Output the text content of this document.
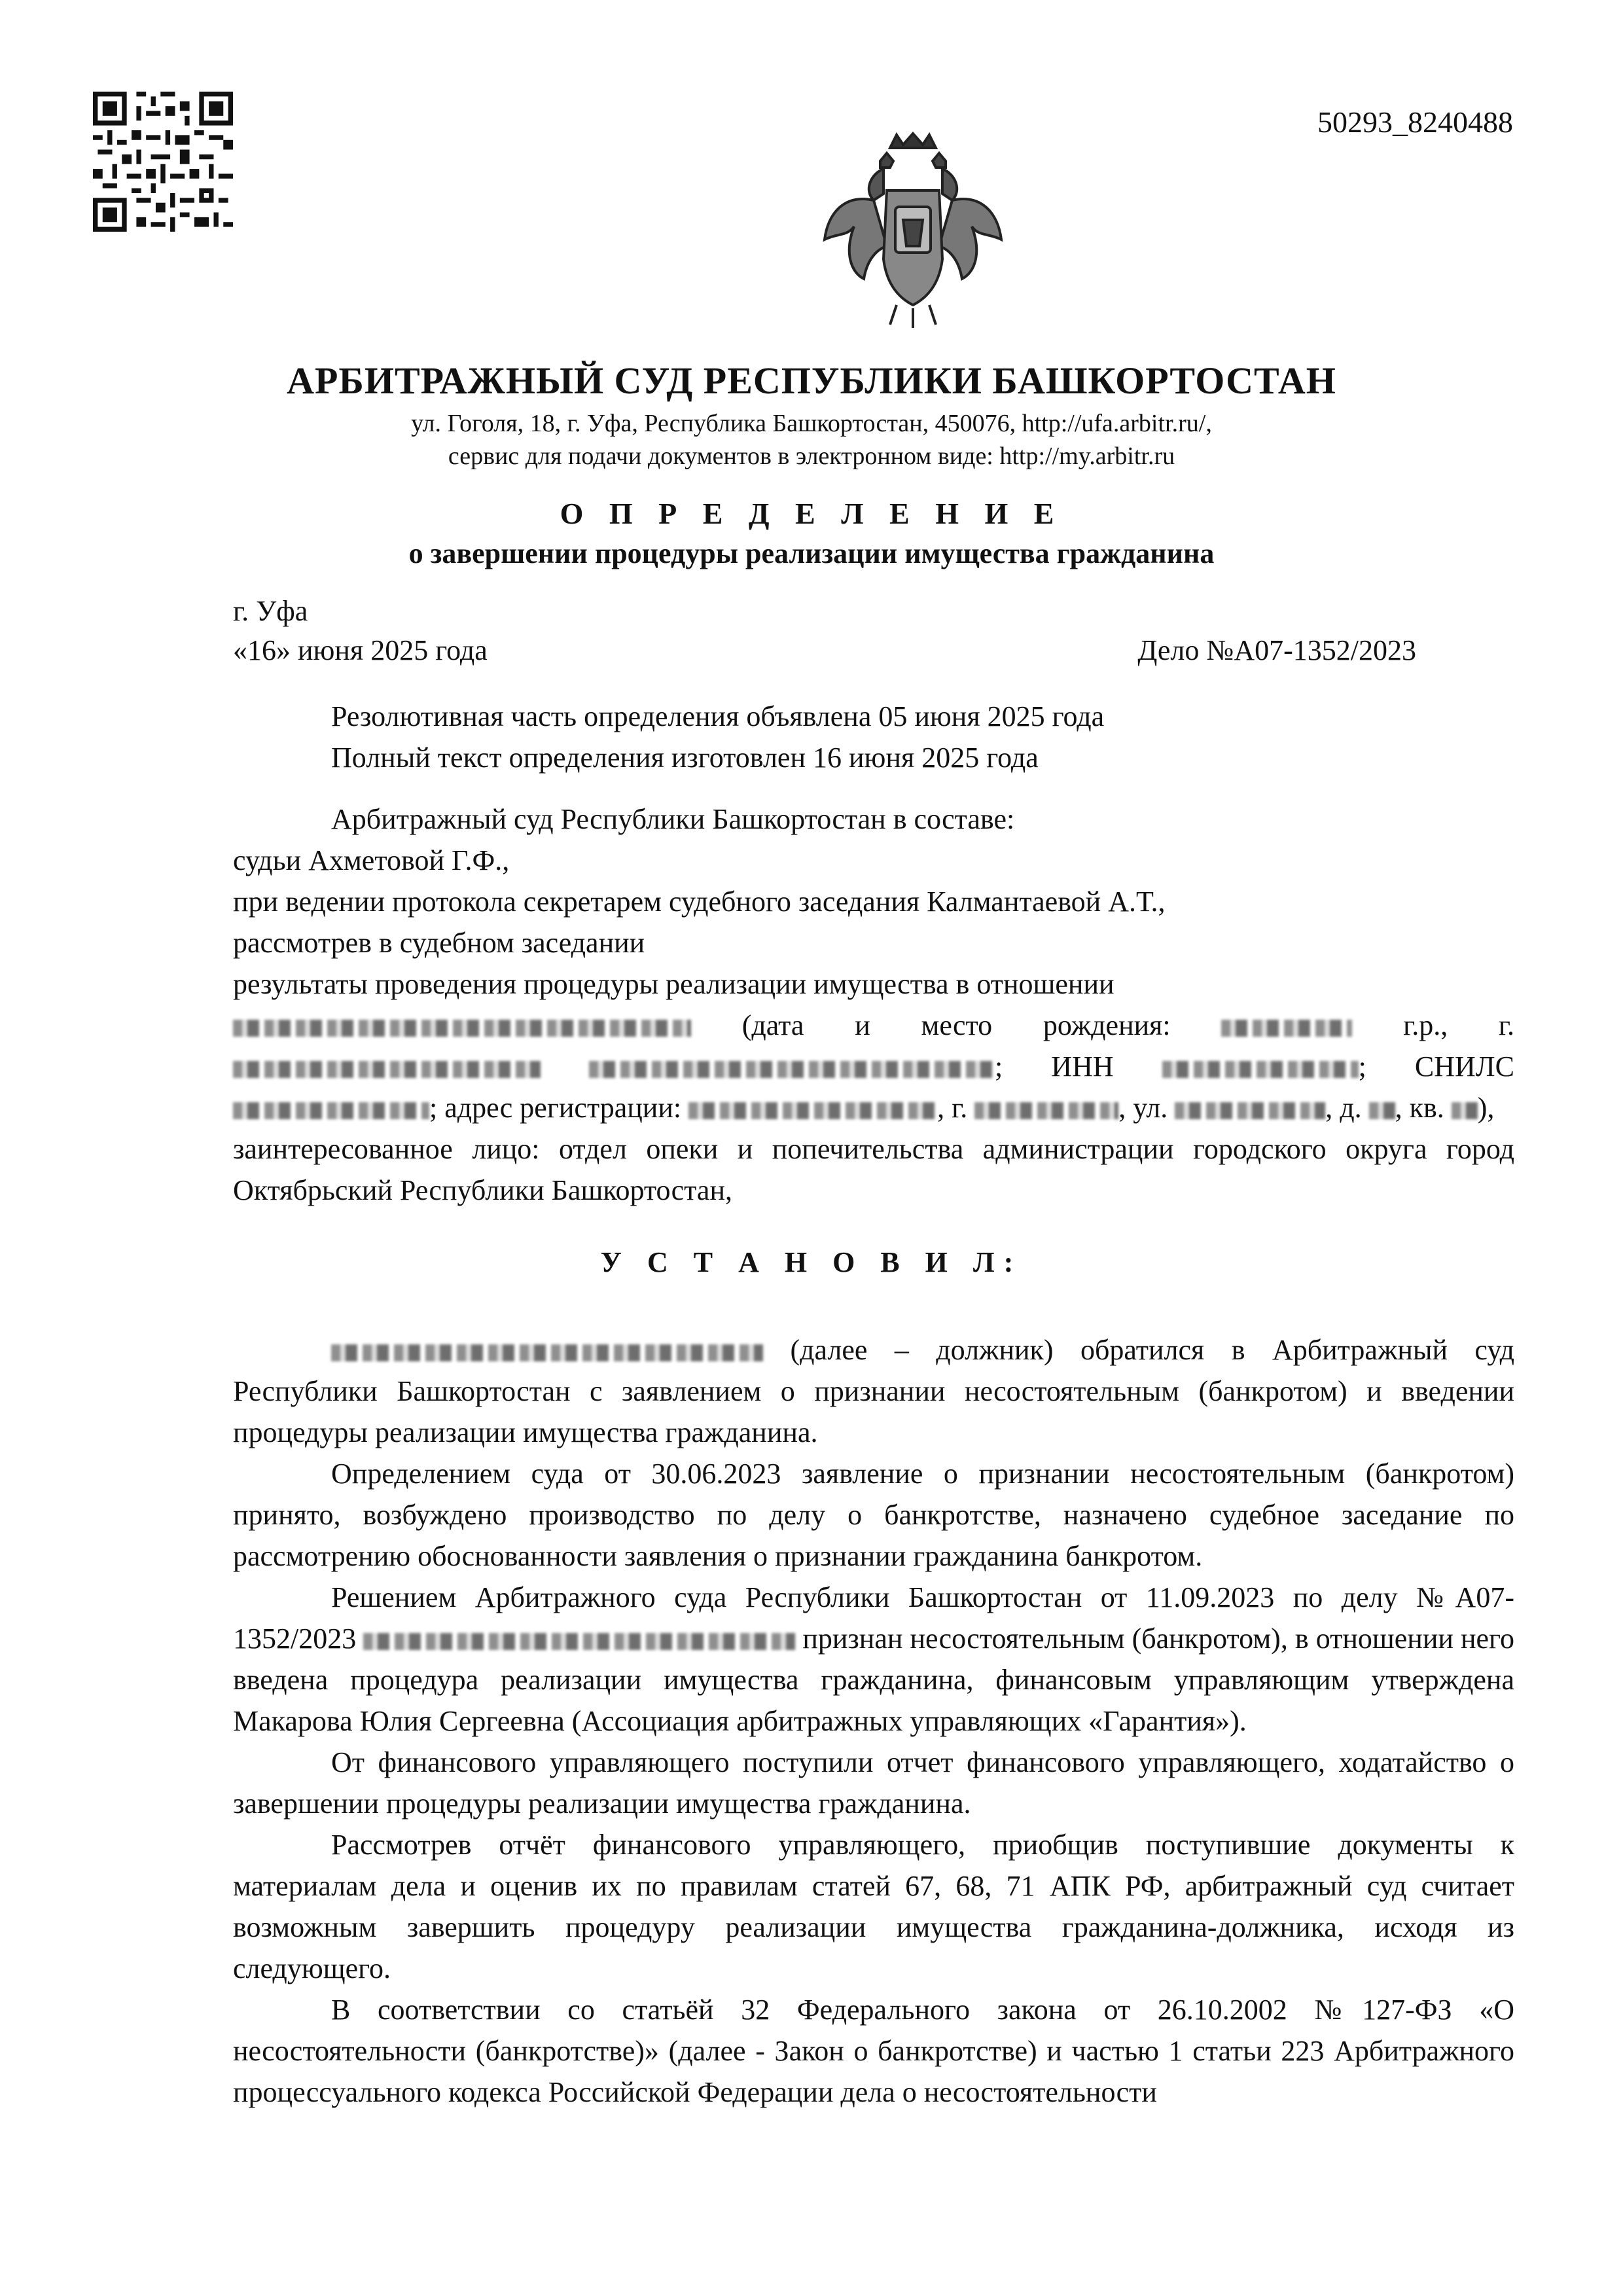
50293_8240488
АРБИТРАЖНЫЙ СУД РЕСПУБЛИКИ БАШКОРТОСТАН
ул. Гоголя, 18, г. Уфа, Республика Башкортостан, 450076, http://ufa.arbitr.ru/,
сервис для подачи документов в электронном виде: http://my.arbitr.ru
О П Р Е Д Е Л Е Н И Е
о завершении процедуры реализации имущества гражданина
г. Уфа
«16» июня 2025 года	Дело №А07-1352/2023

Резолютивная часть определения объявлена 05 июня 2025 года

Полный текст определения изготовлен 16 июня 2025 года

Арбитражный суд Республики Башкортостан в составе:

судьи Ахметовой Г.Ф.,

при ведении протокола секретарем судебного заседания Калмантаевой А.Т.,

рассмотрев в судебном заседании

результаты проведения процедуры реализации имущества в отношении

(дата и место рождения:	г.р., г.  ; ИНН	; СНИЛС ; адрес регистрации:	, г.	, ул.	, д. , кв. ),

заинтересованное лицо: отдел опеки и попечительства администрации городского округа город Октябрьский Республики Башкортостан,

У С Т А Н О В И Л:

(далее – должник) обратился в Арбитражный суд Республики Башкортостан с заявлением о признании несостоятельным (банкротом) и введении процедуры реализации имущества гражданина.

Определением суда от 30.06.2023 заявление о признании несостоятельным (банкротом) принято, возбуждено производство по делу о банкротстве, назначено судебное заседание по рассмотрению обоснованности заявления о признании гражданина банкротом.

Решением Арбитражного суда Республики Башкортостан от 11.09.2023 по делу №А07-1352/2023	признан несостоятельным (банкротом), в отношении него введена процедура реализации имущества гражданина, финансовым управляющим утверждена Макарова Юлия Сергеевна (Ассоциация арбитражных управляющих «Гарантия»).

От финансового управляющего поступили отчет финансового управляющего, ходатайство о завершении процедуры реализации имущества гражданина.

Рассмотрев отчёт финансового управляющего, приобщив поступившие документы к материалам дела и оценив их по правилам статей 67, 68, 71 АПК РФ, арбитражный суд считает возможным завершить процедуру реализации имущества гражданина-должника, исходя из следующего.

В соответствии со статьёй 32 Федерального закона от 26.10.2002 №127-ФЗ «О несостоятельности (банкротстве)» (далее - Закон о банкротстве) и частью 1 статьи 223 Арбитражного процессуального кодекса Российской Федерации дела о несостоятельности
